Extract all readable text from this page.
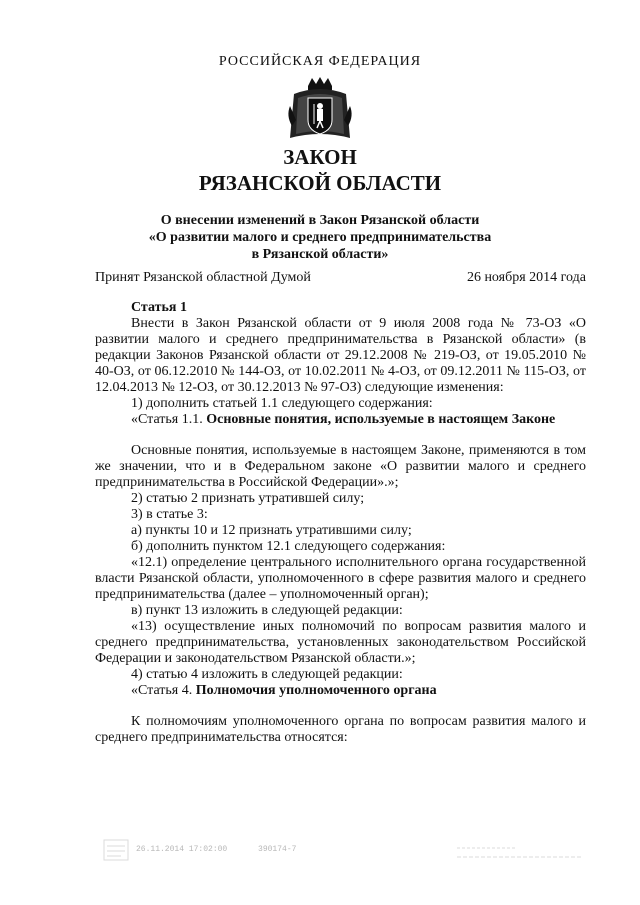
РОССИЙСКАЯ ФЕДЕРАЦИЯ
ЗАКОН
РЯЗАНСКОЙ ОБЛАСТИ
О внесении изменений в Закон Рязанской области
«О развитии малого и среднего предпринимательства
в Рязанской области»
Принят Рязанской областной Думой	26 ноября 2014 года

Статья 1

Внести в Закон Рязанской области от 9 июля 2008 года № 73-ОЗ «О развитии малого и среднего предпринимательства в Рязанской области» (в редакции Законов Рязанской области от 29.12.2008 № 219-ОЗ, от 19.05.2010 № 40-ОЗ, от 06.12.2010 № 144-ОЗ, от 10.02.2011 № 4-ОЗ, от 09.12.2011 № 115-ОЗ, от 12.04.2013 № 12-ОЗ, от 30.12.2013 № 97-ОЗ) следующие изменения:

1) дополнить статьей 1.1 следующего содержания:

«Статья 1.1. Основные понятия, используемые в настоящем Законе

Основные понятия, используемые в настоящем Законе, применяются в том же значении, что и в Федеральном законе «О развитии малого и среднего предпринимательства в Российской Федерации».»;

2) статью 2 признать утратившей силу;

3) в статье 3:

а) пункты 10 и 12 признать утратившими силу;

б) дополнить пунктом 12.1 следующего содержания:

«12.1) определение центрального исполнительного органа государственной власти Рязанской области, уполномоченного в сфере развития малого и среднего предпринимательства (далее – уполномоченный орган);

в) пункт 13 изложить в следующей редакции:

«13) осуществление иных полномочий по вопросам развития малого и среднего предпринимательства, установленных законодательством Российской Федерации и законодательством Рязанской области.»;

4) статью 4 изложить в следующей редакции:

«Статья 4. Полномочия уполномоченного органа

К полномочиям уполномоченного органа по вопросам развития малого и среднего предпринимательства относятся:

26.11.2014 17:02:00	390174-7
